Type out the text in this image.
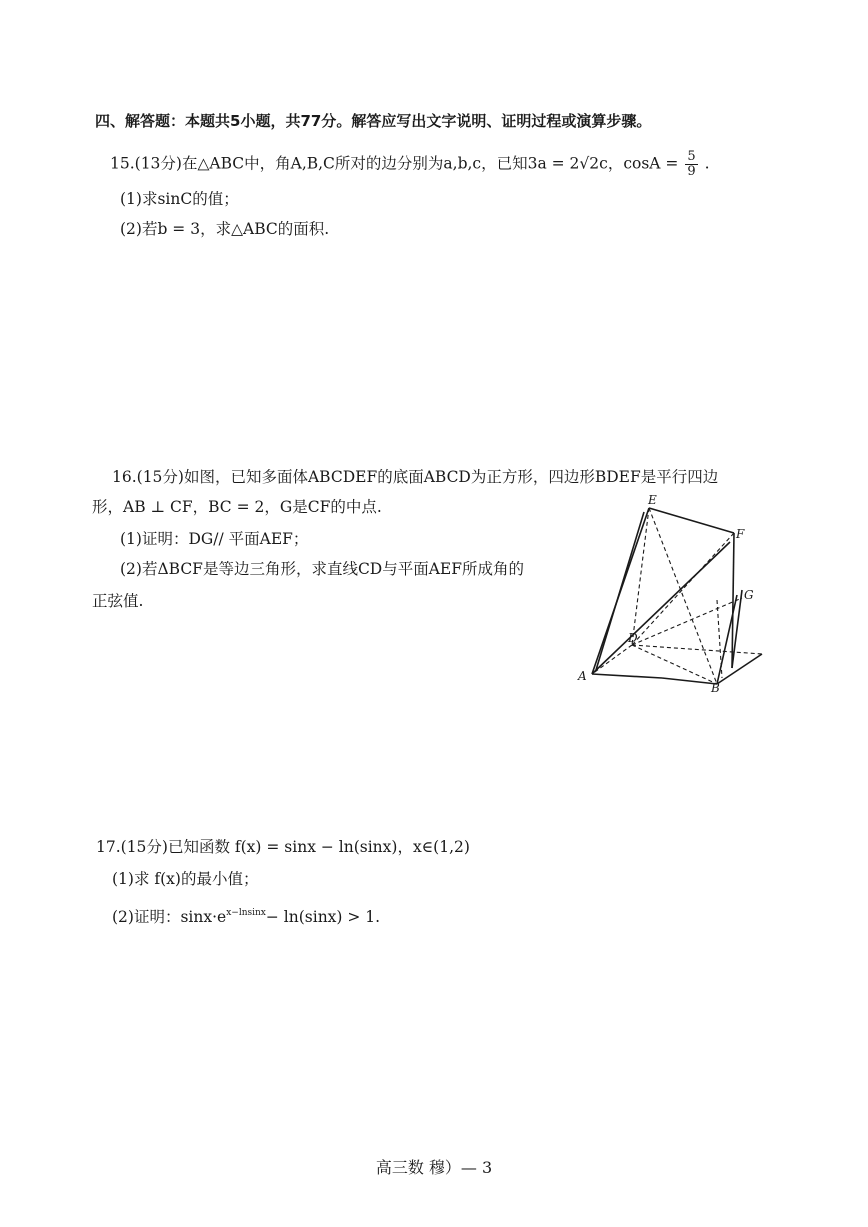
四、解答题：本题共5小题，共77分。解答应写出文字说明、证明过程或演算步骤。
15.(13分)在△ABC中，角A,B,C所对的边分别为a,b,c，已知3a = 2√2c，$\cos A = \frac{5}{9}$ .
(1)求sinC的值；
(2)若b = 3，求△ABC的面积.
16.(15分)如图，已知多面体ABCDEF的底面ABCD为正方形，四边形BDEF是平行四边
形，AB ⊥ CF，BC = 2，G是CF的中点.
(1)证明：DG// 平面AEF；
(2)若ΔBCF是等边三角形，求直线CD与平面AEF所成角的
正弦值.
E
F
G
D
A
B
17.(15分)已知函数 f(x) = sinx − ln(sinx)，x∈(1,2)
(1)求 f(x)的最小值；
(2)证明：$\sin x\cdot e^{x-lnsinx}- \ln(\sin x) > 1$.
高三数 穆）— 3
